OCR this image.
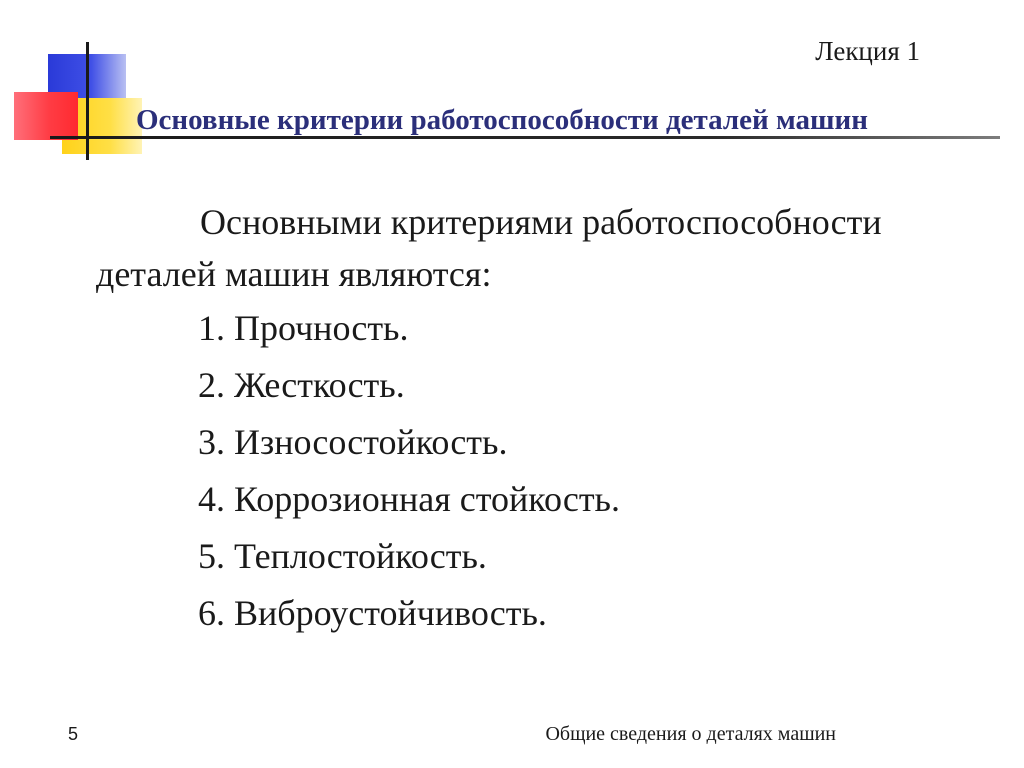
Лекция 1
Основные критерии работоспособности деталей машин
Основными критериями работоспособности деталей машин являются:
1. Прочность.
2. Жесткость.
3. Износостойкость.
4. Коррозионная стойкость.
5. Теплостойкость.
6. Виброустойчивость.
5	Общие сведения о деталях машин
